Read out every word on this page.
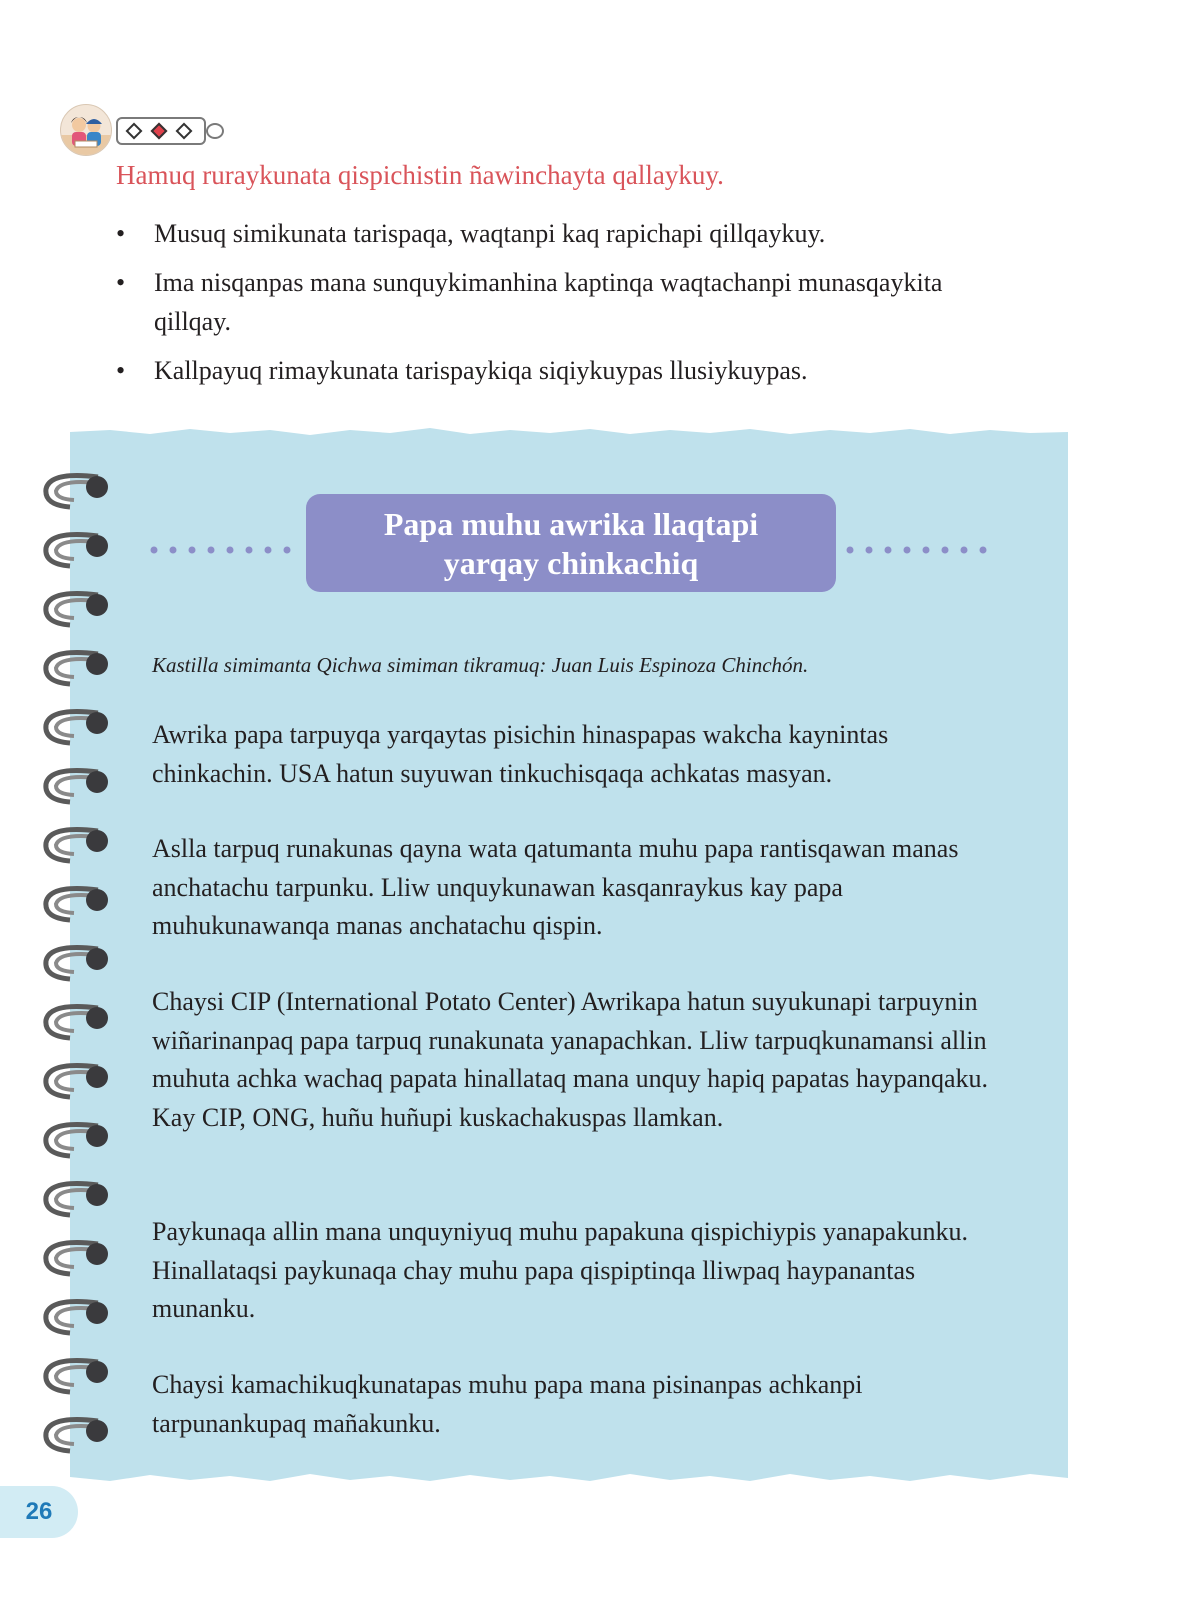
Hamuq ruraykunata qispichistin ñawinchayta qallaykuy.
• Musuq simikunata tarispaqa, waqtanpi kaq rapichapi qillqaykuy.
• Ima nisqanpas mana sunquykimanhina kaptinqa waqtachanpi munasqaykita qillqay.
• Kallpayuq rimaykunata tarispaykiqa siqiykuypas llusiykuypas.
Papa muhu awrika llaqtapi
yarqay chinkachiq
Kastilla simimanta Qichwa simiman tikramuq: Juan Luis Espinoza Chinchón.

Awrika papa tarpuyqa yarqaytas pisichin hinaspapas wakcha kaynintas chinkachin. USA hatun suyuwan tinkuchisqaqa achkatas masyan.

Aslla tarpuq runakunas qayna wata qatumanta muhu papa rantisqawan manas anchatachu tarpunku. Lliw unquykunawan kasqanraykus kay papa muhukunawanqa manas anchatachu qispin.

Chaysi CIP (International Potato Center) Awrikapa hatun suyukunapi tarpuynin wiñarinanpaq papa tarpuq runakunata yanapachkan. Lliw tarpuqkunamansi allin muhuta achka wachaq papata hinallataq mana unquy hapiq papatas haypanqaku. Kay CIP, ONG, huñu huñupi kuskachakuspas llamkan.

Paykunaqa allin mana unquyniyuq muhu papakuna qispichiypis yanapakunku. Hinallataqsi paykunaqa chay muhu papa qispiptinqa lliwpaq haypanantas munanku.

Chaysi kamachikuqkunatapas muhu papa mana pisinanpas achkanpi tarpunankupaq mañakunku.

26
